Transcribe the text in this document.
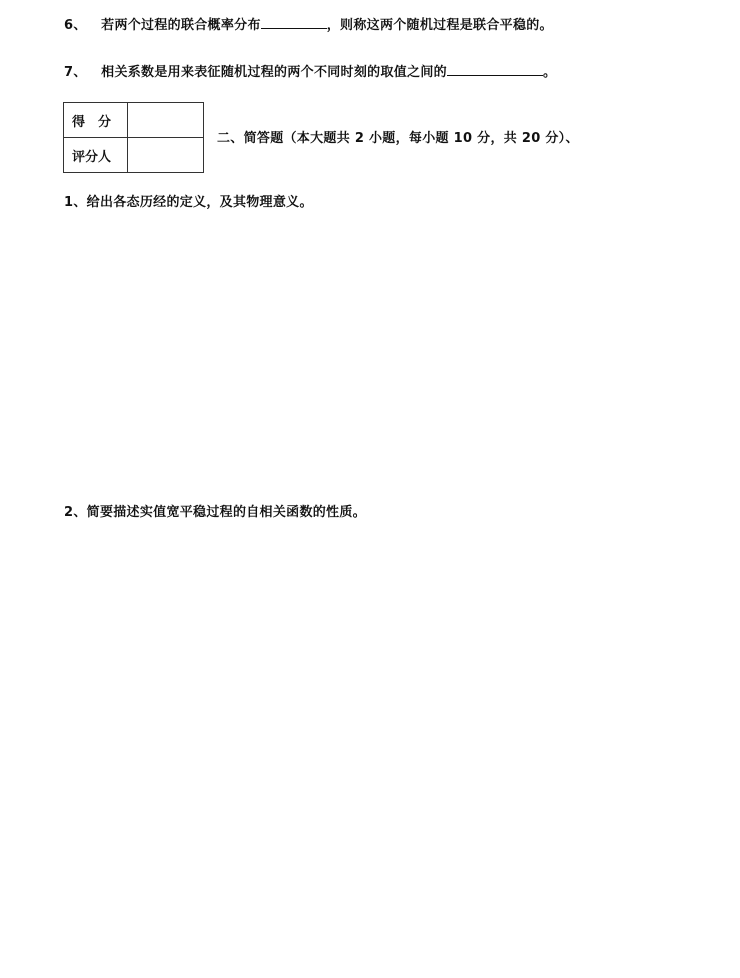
6、 若两个过程的联合概率分布	，则称这两个随机过程是联合平稳的。
7、 相关系数是用来表征随机过程的两个不同时刻的取值之间的	。
得　分	
评分人	
二、简答题（本大题共 2 小题，每小题 10 分，共 20 分）、
1、给出各态历经的定义，及其物理意义。
2、简要描述实值宽平稳过程的自相关函数的性质。
